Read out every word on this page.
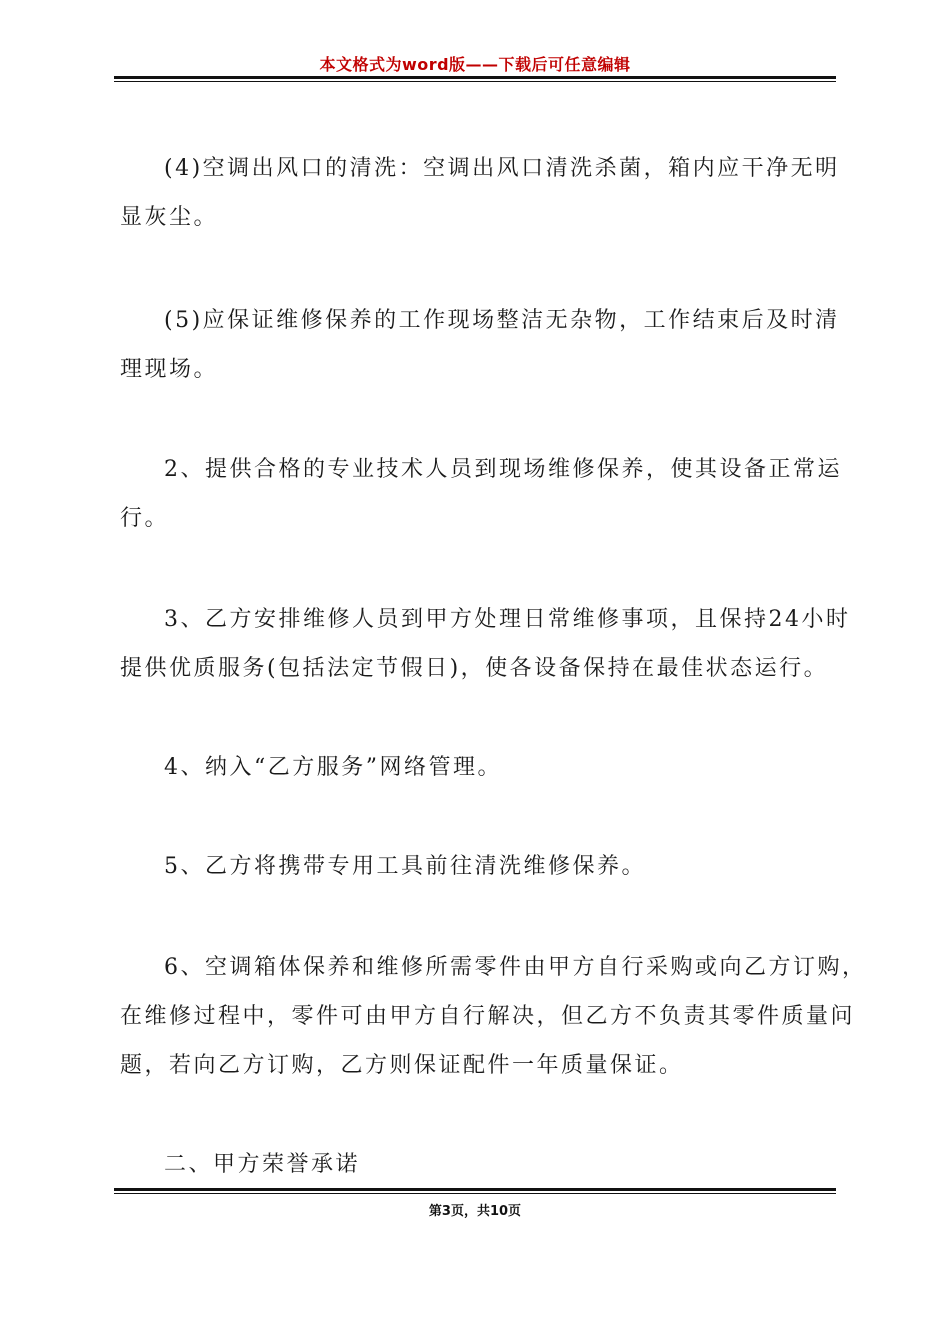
本文格式为word版——下载后可任意编辑

(4)空调出风口的清洗：空调出风口清洗杀菌，箱内应干净无明
显灰尘。

(5)应保证维修保养的工作现场整洁无杂物，工作结束后及时清
理现场。

2、提供合格的专业技术人员到现场维修保养，使其设备正常运
行。

3、乙方安排维修人员到甲方处理日常维修事项，且保持24小时
提供优质服务(包括法定节假日)，使各设备保持在最佳状态运行。

4、纳入“乙方服务”网络管理。

5、乙方将携带专用工具前往清洗维修保养。

6、空调箱体保养和维修所需零件由甲方自行采购或向乙方订购，
在维修过程中，零件可由甲方自行解决，但乙方不负责其零件质量问
题，若向乙方订购，乙方则保证配件一年质量保证。

二、甲方荣誉承诺

第3页，共10页
